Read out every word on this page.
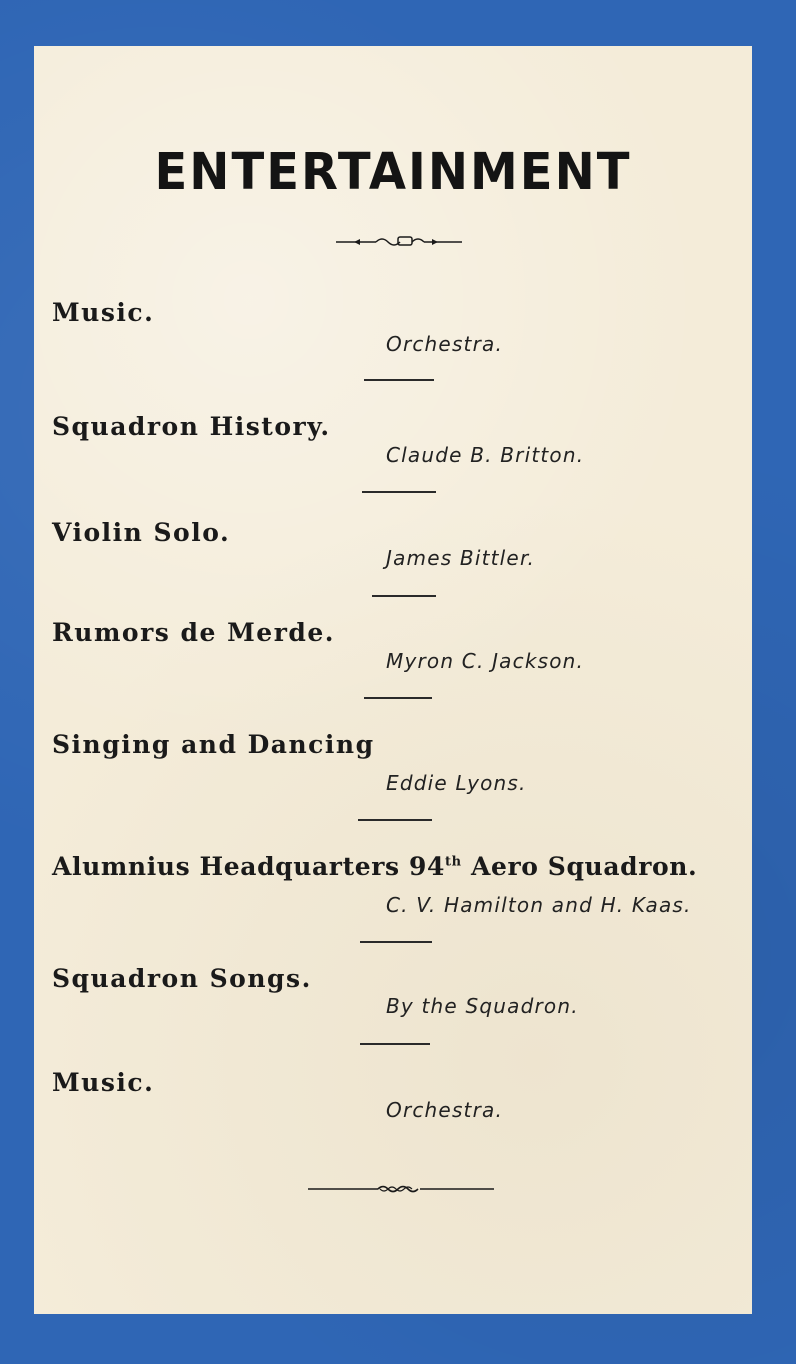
ENTERTAINMENT
Music.
Orchestra.
Squadron History.
Claude B. Britton.
Violin Solo.
James Bittler.
Rumors de Merde.
Myron C. Jackson.
Singing and Dancing
Eddie Lyons.
Alumnius Headquarters 94th Aero Squadron.
C. V. Hamilton and H. Kaas.
Squadron Songs.
By the Squadron.
Music.
Orchestra.
